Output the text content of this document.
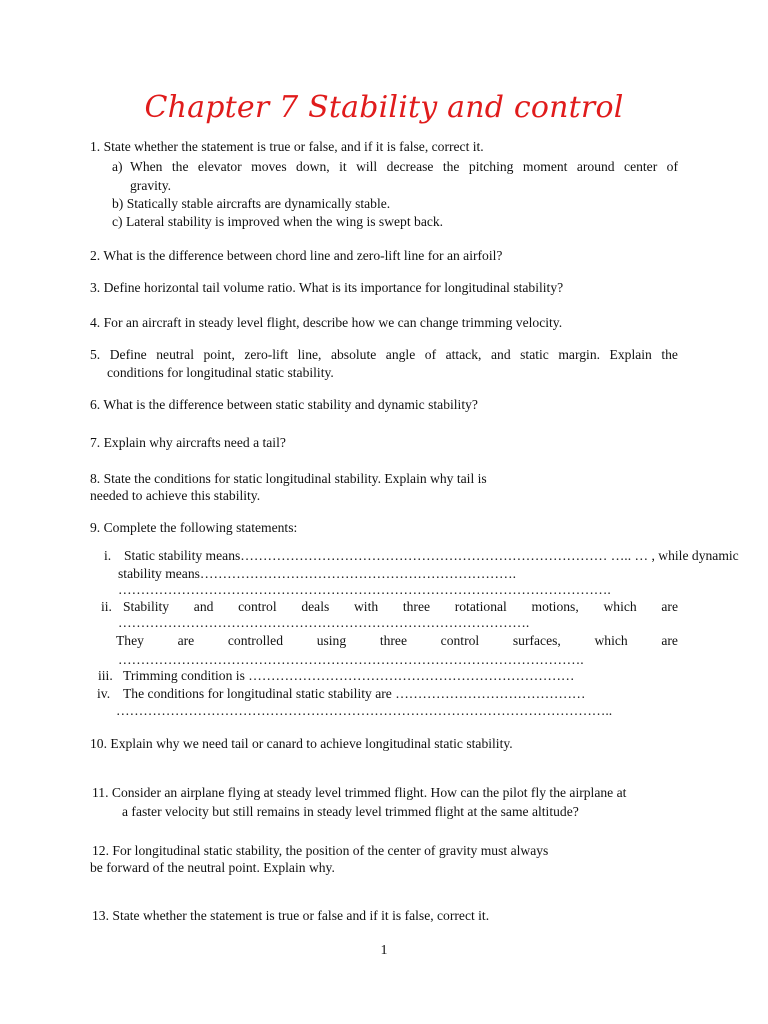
Chapter 7 Stability and control
1. State whether the statement is true or false, and if it is false, correct it.
a) When the elevator moves down, it will decrease the pitching moment around center of
gravity.
b) Statically stable aircrafts are dynamically stable.
c) Lateral stability is improved when the wing is swept back.
2. What is the difference between chord line and zero-lift line for an airfoil?
3. Define horizontal tail volume ratio. What is its importance for longitudinal stability?
4. For an aircraft in steady level flight, describe how we can change trimming velocity.
5. Define neutral point, zero-lift line, absolute angle of attack, and static margin. Explain the
conditions for longitudinal static stability.
6. What is the difference between static stability and dynamic stability?
7. Explain why aircrafts need a tail?
8. State the conditions for static longitudinal stability. Explain why tail is
needed to achieve this stability.
9. Complete the following statements:
i. Static stability means……………………………………………………………………… ….. … , while dynamic
stability means…………………………………………………………….
……………………………………………………………………………………………….
ii. Stability and control deals with three rotational motions, which are
……………………………………………………………………………….
They are controlled using three control surfaces, which are
………………………………………………………………………………………….
iii. Trimming condition is ………………………………………………………………
iv. The conditions for longitudinal static stability are ……………………………………
………………………………………………………………………………………………..
10. Explain why we need tail or canard to achieve longitudinal static stability.
11. Consider an airplane flying at steady level trimmed flight. How can the pilot fly the airplane at
a faster velocity but still remains in steady level trimmed flight at the same altitude?
12. For longitudinal static stability, the position of the center of gravity must always
be forward of the neutral point. Explain why.
13. State whether the statement is true or false and if it is false, correct it.
1
